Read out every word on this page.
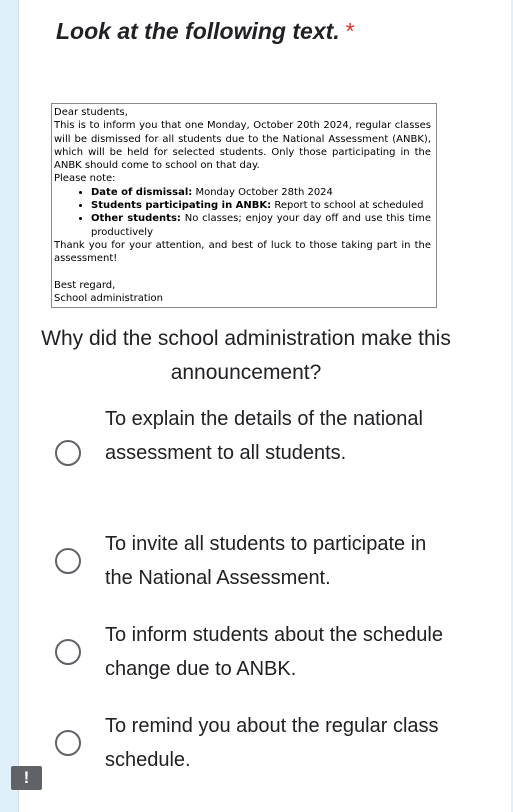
Look at the following text. *

Dear students,

This is to inform you that one Monday, October 20th 2024, regular classes will be dismissed for all students due to the National Assessment (ANBK), which will be held for selected students. Only those participating in the ANBK should come to school on that day.

Please note:

• Date of dismissal: Monday October 28th 2024
• Students participating in ANBK: Report to school at scheduled
• Other students: No classes; enjoy your day off and use this time productively

Thank you for your attention, and best of luck to those taking part in the assessment!

Best regard,

School administration

Why did the school administration make this announcement?
To explain the details of the national assessment to all students.
To invite all students to participate in the National Assessment.
To inform students about the schedule change due to ANBK.
To remind you about the regular class schedule.
!
